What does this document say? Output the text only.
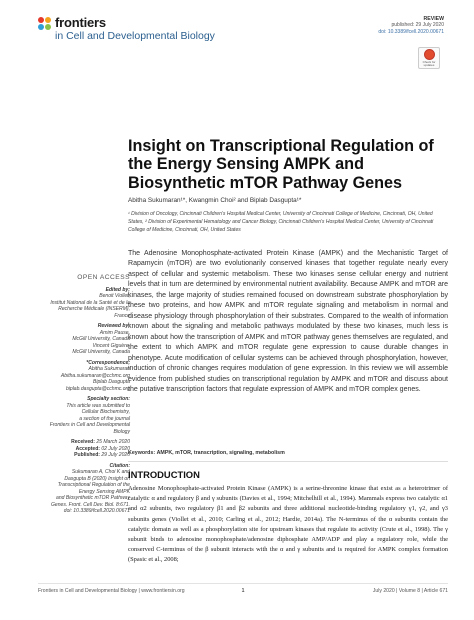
frontiers
in Cell and Developmental Biology
REVIEW
published: 29 July 2020
doi: 10.3389/fcell.2020.00671
Check for updates
Insight on Transcriptional Regulation of the Energy Sensing AMPK and Biosynthetic mTOR Pathway Genes
Abitha Sukumaran¹*, Kwangmin Choi² and Biplab Dasgupta¹*

¹ Division of Oncology, Cincinnati Children’s Hospital Medical Center, University of Cincinnati College of Medicine, Cincinnati, OH, United States, ² Division of Experimental Hematology and Cancer Biology, Cincinnati Children’s Hospital Medical Center, University of Cincinnati College of Medicine, Cincinnati, OH, United States

OPEN ACCESS
Edited by:
Benoit Viollet,
Institut National de la Santé et de la
Recherche Médicale (INSERM),
France
Reviewed by:
Arnim Pause,
McGill University, Canada
Vincent Giguère,
McGill University, Canada
*Correspondence:
Abitha Sukumaran
Abitha.sukumaran@cchmc.org
Biplab Dasgupta
biplab.dasgupta@cchmc.org
Specialty section:
This article was submitted to
Cellular Biochemistry,
a section of the journal
Frontiers in Cell and Developmental
Biology
Received: 25 March 2020
Accepted: 02 July 2020
Published: 29 July 2020
Citation:
Sukumaran A, Choi K and
Dasgupta B (2020) Insight on
Transcriptional Regulation of the
Energy Sensing AMPK
and Biosynthetic mTOR Pathway
Genes. Front. Cell Dev. Biol. 8:671.
doi: 10.3389/fcell.2020.00671
The Adenosine Monophosphate-activated Protein Kinase (AMPK) and the Mechanistic Target of Rapamycin (mTOR) are two evolutionarily conserved kinases that together regulate nearly every aspect of cellular and systemic metabolism. These two kinases sense cellular energy and nutrient levels that in turn are determined by environmental nutrient availability. Because AMPK and mTOR are kinases, the large majority of studies remained focused on downstream substrate phosphorylation by these two proteins, and how AMPK and mTOR regulate signaling and metabolism in normal and disease physiology through phosphorylation of their substrates. Compared to the wealth of information known about the signaling and metabolic pathways modulated by these two kinases, much less is known about how the transcription of AMPK and mTOR pathway genes themselves are regulated, and the extent to which AMPK and mTOR regulate gene expression to cause durable changes in phenotype. Acute modification of cellular systems can be achieved through phosphorylation, however, induction of chronic changes requires modulation of gene expression. In this review we will assemble evidence from published studies on transcriptional regulation by AMPK and mTOR and discuss about the putative transcription factors that regulate expression of AMPK and mTOR complex genes.
Keywords: AMPK, mTOR, transcription, signaling, metabolism
INTRODUCTION
Adenosine Monophosphate-activated Protein Kinase (AMPK) is a serine-threonine kinase that exist as a heterotrimer of catalytic α and regulatory β and γ subunits (Davies et al., 1994; Mitchelhill et al., 1994). Mammals express two catalytic α1 and α2 subunits, two regulatory β1 and β2 subunits and three additional nucleotide-binding regulatory γ1, γ2, and γ3 subunits genes (Viollet et al., 2010; Carling et al., 2012; Hardie, 2014a). The N-terminus of the α subunits contain the catalytic domain as well as a phosphorylation site for upstream kinases that regulate its activity (Crute et al., 1998). The γ subunit binds to adenosine monophosphate/adenosine diphosphate AMP/ADP and play a regulatory role, while the conserved C-terminus of the β subunit interacts with the α and γ subunits and is required for AMPK complex formation (Spasic et al., 2008;
Frontiers in Cell and Developmental Biology | www.frontiersin.org	1	July 2020 | Volume 8 | Article 671
